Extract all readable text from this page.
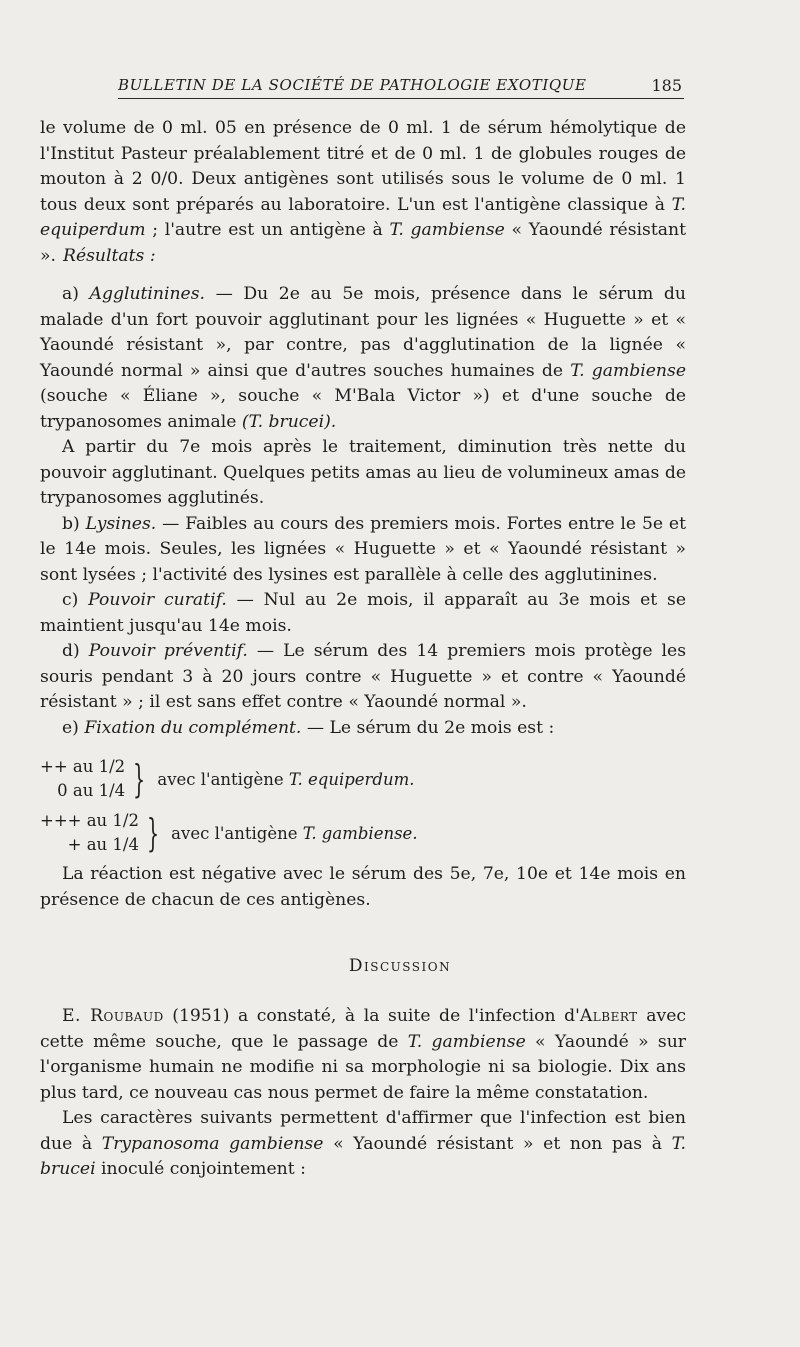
BULLETIN DE LA SOCIÉTÉ DE PATHOLOGIE EXOTIQUE	185

le volume de 0 ml. 05 en présence de 0 ml. 1 de sérum hémolytique de l'Institut Pasteur préalablement titré et de 0 ml. 1 de globules rouges de mouton à 2 0/0. Deux antigènes sont utilisés sous le volume de 0 ml. 1 tous deux sont préparés au laboratoire. L'un est l'antigène classique à T. equiperdum ; l'autre est un antigène à T. gambiense « Yaoundé résistant ». Résultats :

a) Agglutinines. — Du 2e au 5e mois, présence dans le sérum du malade d'un fort pouvoir agglutinant pour les lignées « Huguette » et « Yaoundé résistant », par contre, pas d'agglutination de la lignée « Yaoundé normal » ainsi que d'autres souches humaines de T. gambiense (souche « Éliane », souche « M'Bala Victor ») et d'une souche de trypanosomes animale (T. brucei).

A partir du 7e mois après le traitement, diminution très nette du pouvoir agglutinant. Quelques petits amas au lieu de volumineux amas de trypanosomes agglutinés.

b) Lysines. — Faibles au cours des premiers mois. Fortes entre le 5e et le 14e mois. Seules, les lignées « Huguette » et « Yaoundé résistant » sont lysées ; l'activité des lysines est parallèle à celle des agglutinines.

c) Pouvoir curatif. — Nul au 2e mois, il apparaît au 3e mois et se maintient jusqu'au 14e mois.

d) Pouvoir préventif. — Le sérum des 14 premiers mois protège les souris pendant 3 à 20 jours contre « Huguette » et contre « Yaoundé résistant » ; il est sans effet contre « Yaoundé normal ».

e) Fixation du complément. — Le sérum du 2e mois est :

++ au 1/2
0 au 1/4 } avec l'antigène T. equiperdum.
+++ au 1/2
+ au 1/4 } avec l'antigène T. gambiense.

La réaction est négative avec le sérum des 5e, 7e, 10e et 14e mois en présence de chacun de ces antigènes.

Discussion

E. Roubaud (1951) a constaté, à la suite de l'infection d'Albert avec cette même souche, que le passage de T. gambiense « Yaoundé » sur l'organisme humain ne modifie ni sa morphologie ni sa biologie. Dix ans plus tard, ce nouveau cas nous permet de faire la même constatation.

Les caractères suivants permettent d'affirmer que l'infection est bien due à Trypanosoma gambiense « Yaoundé résistant » et non pas à T. brucei inoculé conjointement :
